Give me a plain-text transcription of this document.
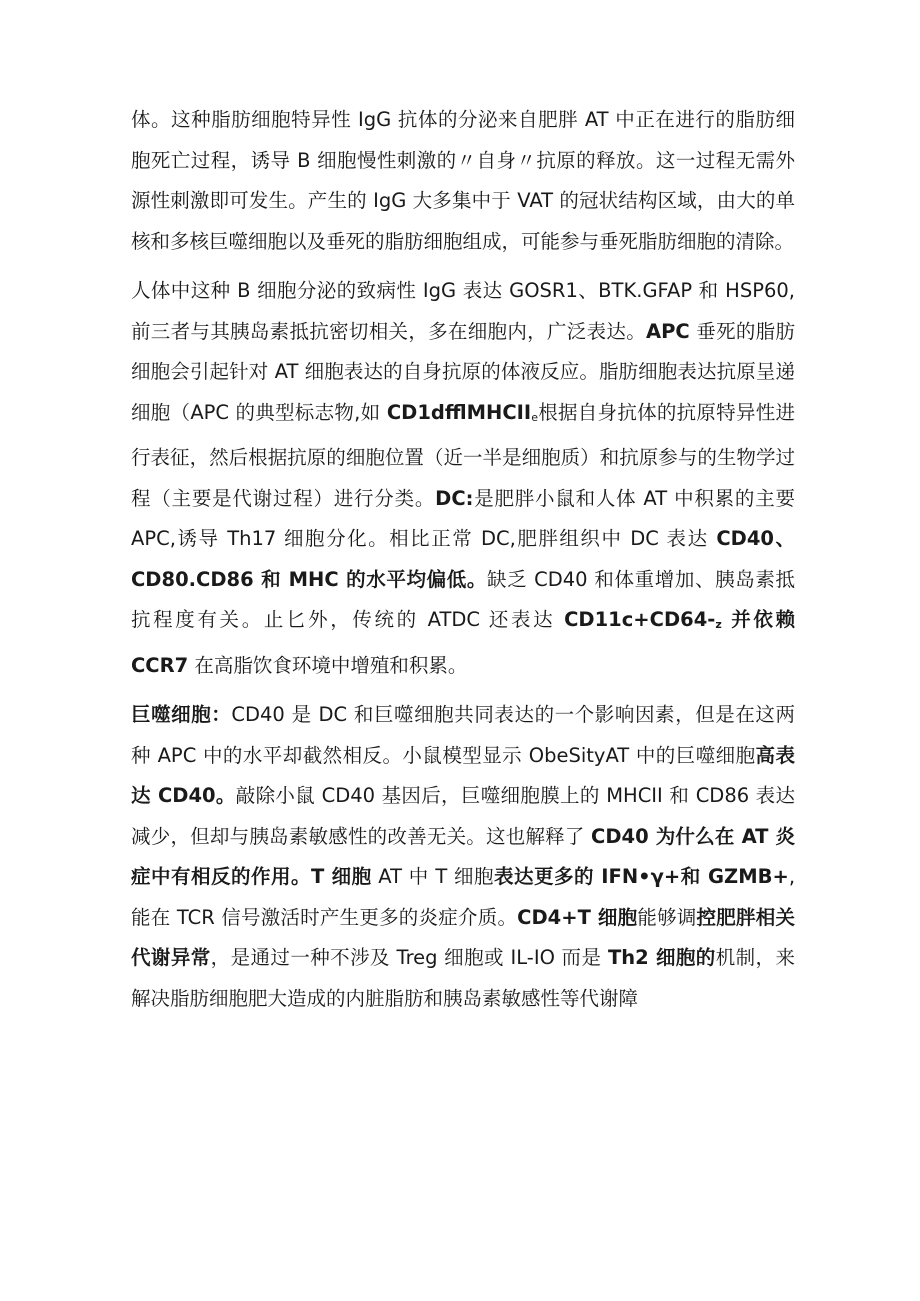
体。这种脂肪细胞特异性 IgG 抗体的分泌来自肥胖 AT 中正在进行的脂肪细胞死亡过程，诱导 B 细胞慢性刺激的〃自身〃抗原的释放。这一过程无需外源性刺激即可发生。产生的 IgG 大多集中于 VAT 的冠状结构区域，由大的单核和多核巨噬细胞以及垂死的脂肪细胞组成，可能参与垂死脂肪细胞的清除。

人体中这种 B 细胞分泌的致病性 IgG 表达 GOSR1、BTK.GFAP 和 HSP60,前三者与其胰岛素抵抗密切相关，多在细胞内，广泛表达。APC 垂死的脂肪细胞会引起针对 AT 细胞表达的自身抗原的体液反应。脂肪细胞表达抗原呈递细胞（APC 的典型标志物,如 CD1dfflMHCIIe根据自身抗体的抗原特异性进行表征，然后根据抗原的细胞位置（近一半是细胞质）和抗原参与的生物学过程（主要是代谢过程）进行分类。DC:是肥胖小鼠和人体 AT 中积累的主要 APC,诱导 Th17 细胞分化。相比正常 DC,肥胖组织中 DC 表达 CD40、CD80.CD86 和 MHC 的水平均偏低。缺乏 CD40 和体重增加、胰岛素抵抗程度有关。止匕外，传统的 ATDC 还表达 CD11c+CD64-z 并依赖 CCR7 在高脂饮食环境中增殖和积累。

巨噬细胞：CD40 是 DC 和巨噬细胞共同表达的一个影响因素，但是在这两种 APC 中的水平却截然相反。小鼠模型显示 ObeSityAT 中的巨噬细胞高表达 CD40。敲除小鼠 CD40 基因后，巨噬细胞膜上的 MHCII 和 CD86 表达减少，但却与胰岛素敏感性的改善无关。这也解释了 CD40 为什么在 AT 炎症中有相反的作用。T 细胞 AT 中 T 细胞表达更多的 IFN•γ+和 GZMB+,能在 TCR 信号激活时产生更多的炎症介质。CD4+T 细胞能够调控肥胖相关代谢异常，是通过一种不涉及 Treg 细胞或 IL-IO 而是 Th2 细胞的机制，来解决脂肪细胞肥大造成的内脏脂肪和胰岛素敏感性等代谢障
